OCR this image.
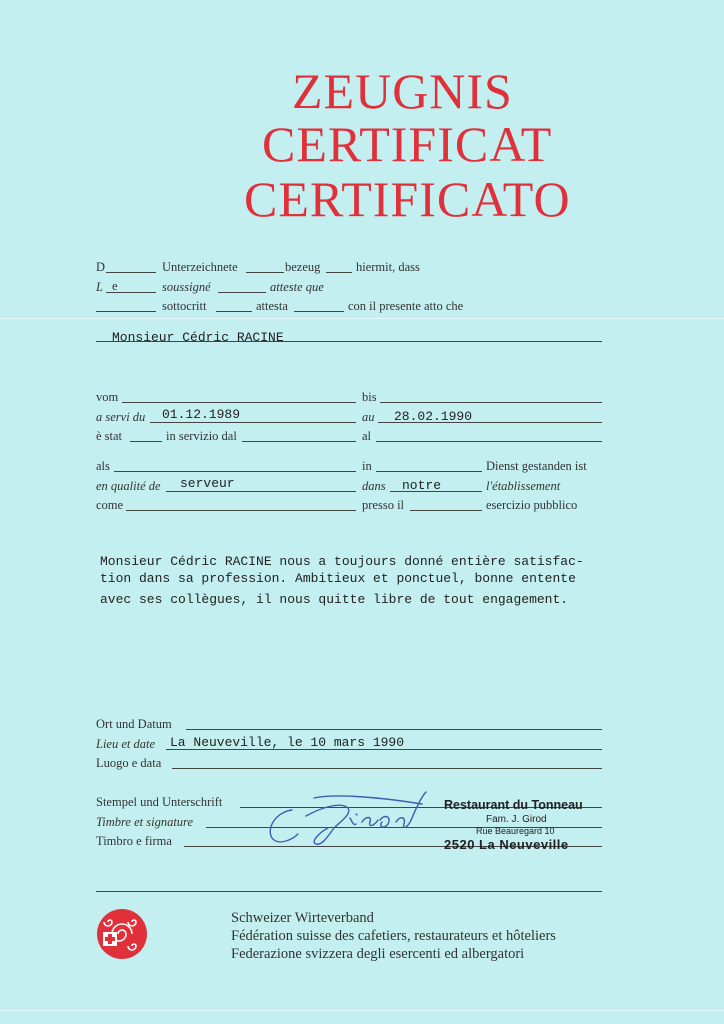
ZEUGNIS
CERTIFICAT
CERTIFICATO
D	Unterzeichnete	bezeug	hiermit, dass
L e	soussigné	atteste que
sottocritt	attesta	con il presente atto che
Monsieur Cédric RACINE
vom	bis
a servi du 01.12.1989	au 28.02.1990
è stat	in servizio dal	al
als	in	Dienst gestanden ist
en qualité de serveur	dans notre	l'établissement
come	presso il	esercizio pubblico
Monsieur Cédric RACINE nous a toujours donné entière satisfac-
tion dans sa profession. Ambitieux et ponctuel, bonne entente
avec ses collègues, il nous quitte libre de tout engagement.
Ort und Datum
Lieu et date La Neuveville, le 10 mars 1990
Luogo e data
Stempel und Unterschrift
Timbre et signature
Timbro e firma
Restaurant du Tonneau
Fam. J. Girod
Rue Beauregard 10
2520 La Neuveville
Schweizer Wirteverband
Fédération suisse des cafetiers, restaurateurs et hôteliers
Federazione svizzera degli esercenti ed albergatori
